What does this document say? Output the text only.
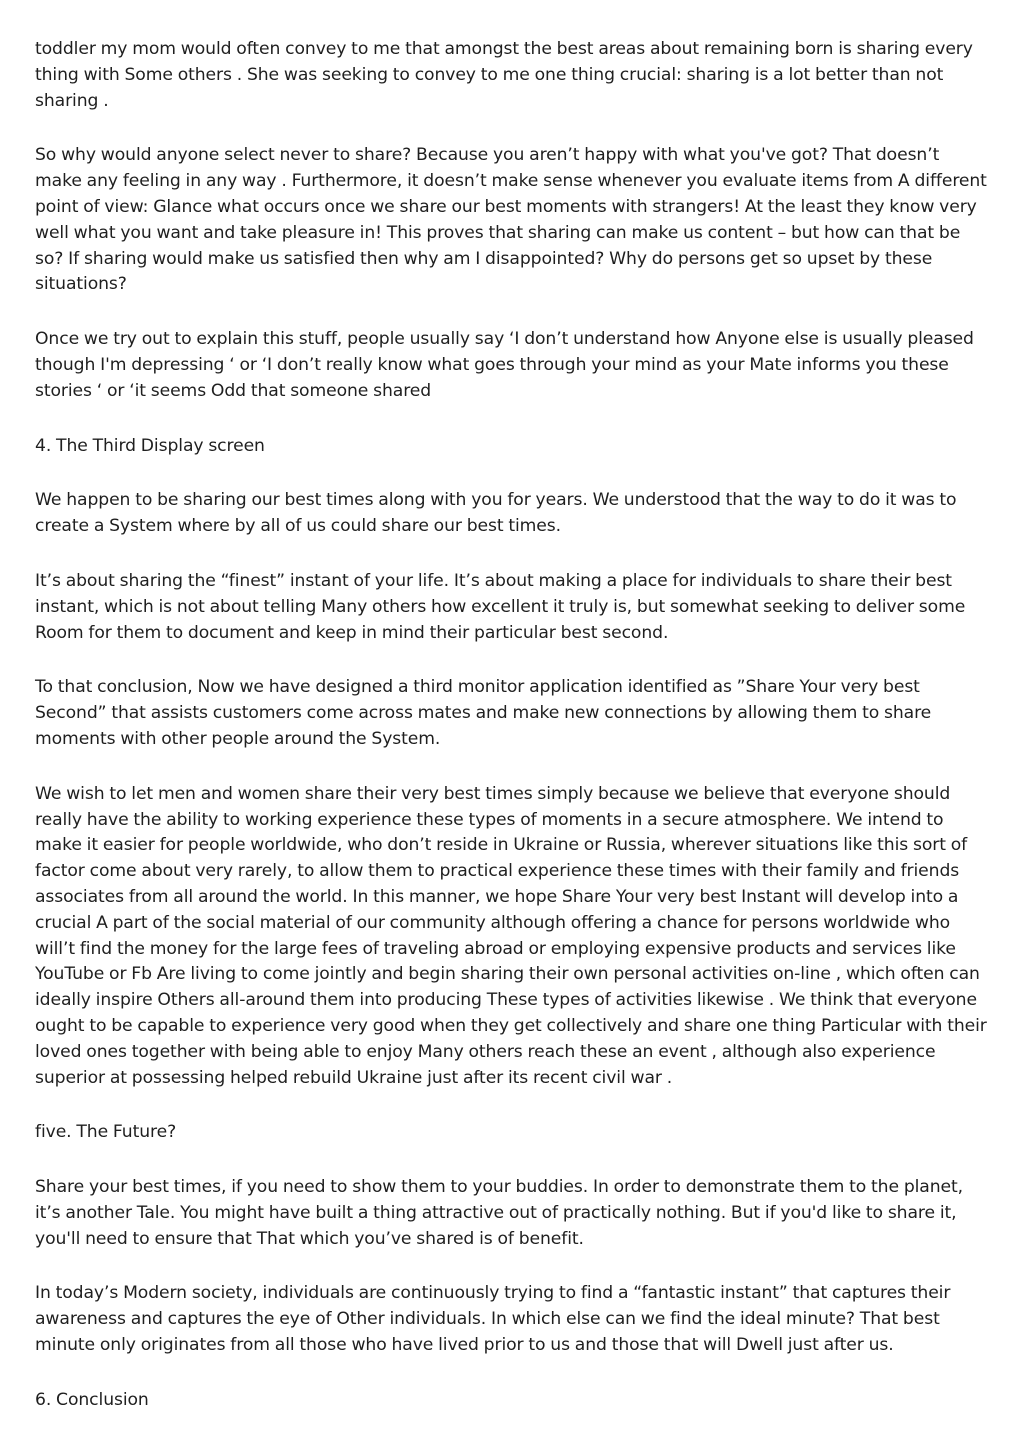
toddler my mom would often convey to me that amongst the best areas about remaining born is sharing every thing with Some others . She was seeking to convey to me one thing crucial: sharing is a lot better than not sharing .

So why would anyone select never to share? Because you aren’t happy with what you've got? That doesn’t make any feeling in any way . Furthermore, it doesn’t make sense whenever you evaluate items from A different point of view: Glance what occurs once we share our best moments with strangers! At the least they know very well what you want and take pleasure in! This proves that sharing can make us content – but how can that be so? If sharing would make us satisfied then why am I disappointed? Why do persons get so upset by these situations?

Once we try out to explain this stuff, people usually say ‘I don’t understand how Anyone else is usually pleased though I'm depressing ‘ or ‘I don’t really know what goes through your mind as your Mate informs you these stories ‘ or ‘it seems Odd that someone shared

4. The Third Display screen

We happen to be sharing our best times along with you for years. We understood that the way to do it was to create a System where by all of us could share our best times.

It’s about sharing the “finest” instant of your life. It’s about making a place for individuals to share their best instant, which is not about telling Many others how excellent it truly is, but somewhat seeking to deliver some Room for them to document and keep in mind their particular best second.

To that conclusion, Now we have designed a third monitor application identified as ”Share Your very best Second” that assists customers come across mates and make new connections by allowing them to share moments with other people around the System.

We wish to let men and women share their very best times simply because we believe that everyone should really have the ability to working experience these types of moments in a secure atmosphere. We intend to make it easier for people worldwide, who don’t reside in Ukraine or Russia, wherever situations like this sort of factor come about very rarely, to allow them to practical experience these times with their family and friends associates from all around the world. In this manner, we hope Share Your very best Instant will develop into a crucial A part of the social material of our community although offering a chance for persons worldwide who will’t find the money for the large fees of traveling abroad or employing expensive products and services like YouTube or Fb Are living to come jointly and begin sharing their own personal activities on-line , which often can ideally inspire Others all-around them into producing These types of activities likewise . We think that everyone ought to be capable to experience very good when they get collectively and share one thing Particular with their loved ones together with being able to enjoy Many others reach these an event , although also experience superior at possessing helped rebuild Ukraine just after its recent civil war .

five. The Future?

Share your best times, if you need to show them to your buddies. In order to demonstrate them to the planet, it’s another Tale. You might have built a thing attractive out of practically nothing. But if you'd like to share it, you'll need to ensure that That which you’ve shared is of benefit.

In today’s Modern society, individuals are continuously trying to find a “fantastic instant” that captures their awareness and captures the eye of Other individuals. In which else can we find the ideal minute? That best minute only originates from all those who have lived prior to us and those that will Dwell just after us.

6. Conclusion
